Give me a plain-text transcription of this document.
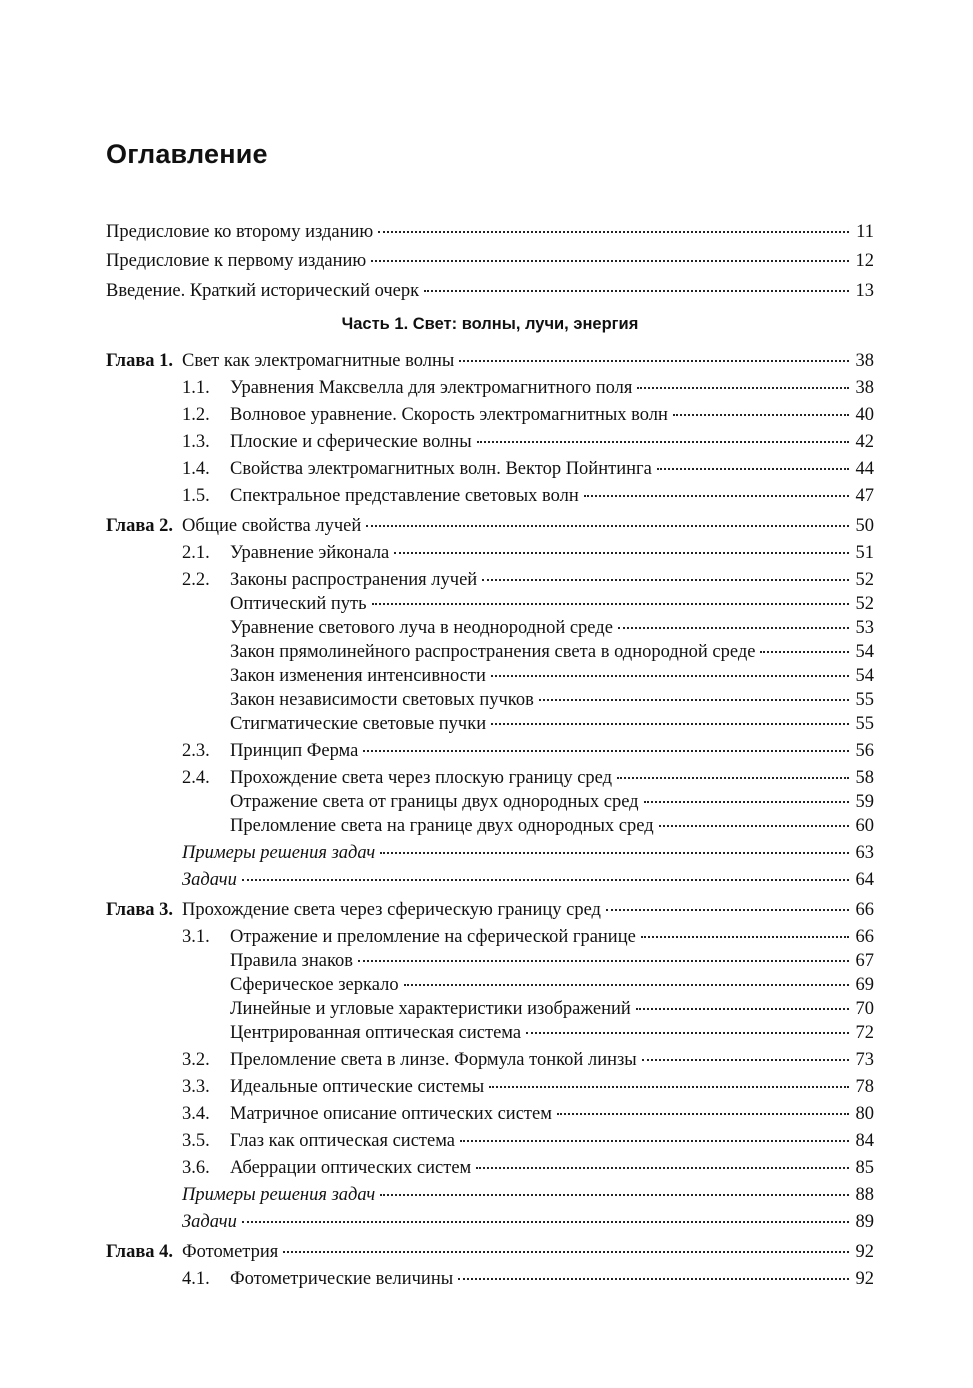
Оглавление
Предисловие ко второму изданию	11
Предисловие к первому изданию	12
Введение. Краткий исторический очерк	13
Часть 1. Свет: волны, лучи, энергия
Глава 1. Свет как электромагнитные волны	38
1.1.	Уравнения Максвелла для электромагнитного поля	38
1.2.	Волновое уравнение. Скорость электромагнитных волн	40
1.3.	Плоские и сферические волны	42
1.4.	Свойства электромагнитных волн. Вектор Пойнтинга	44
1.5.	Спектральное представление световых волн	47
Глава 2. Общие свойства лучей	50
2.1.	Уравнение эйконала	51
2.2.	Законы распространения лучей	52
Оптический путь	52
Уравнение светового луча в неоднородной среде	53
Закон прямолинейного распространения света в однородной среде	54
Закон изменения интенсивности	54
Закон независимости световых пучков	55
Стигматические световые пучки	55
2.3.	Принцип Ферма	56
2.4.	Прохождение света через плоскую границу сред	58
Отражение света от границы двух однородных сред	59
Преломление света на границе двух однородных сред	60
Примеры решения задач	63
Задачи	64
Глава 3. Прохождение света через сферическую границу сред	66
3.1.	Отражение и преломление на сферической границе	66
Правила знаков	67
Сферическое зеркало	69
Линейные и угловые характеристики изображений	70
Центрированная оптическая система	72
3.2.	Преломление света в линзе. Формула тонкой линзы	73
3.3.	Идеальные оптические системы	78
3.4.	Матричное описание оптических систем	80
3.5.	Глаз как оптическая система	84
3.6.	Аберрации оптических систем	85
Примеры решения задач	88
Задачи	89
Глава 4. Фотометрия	92
4.1.	Фотометрические величины	92
